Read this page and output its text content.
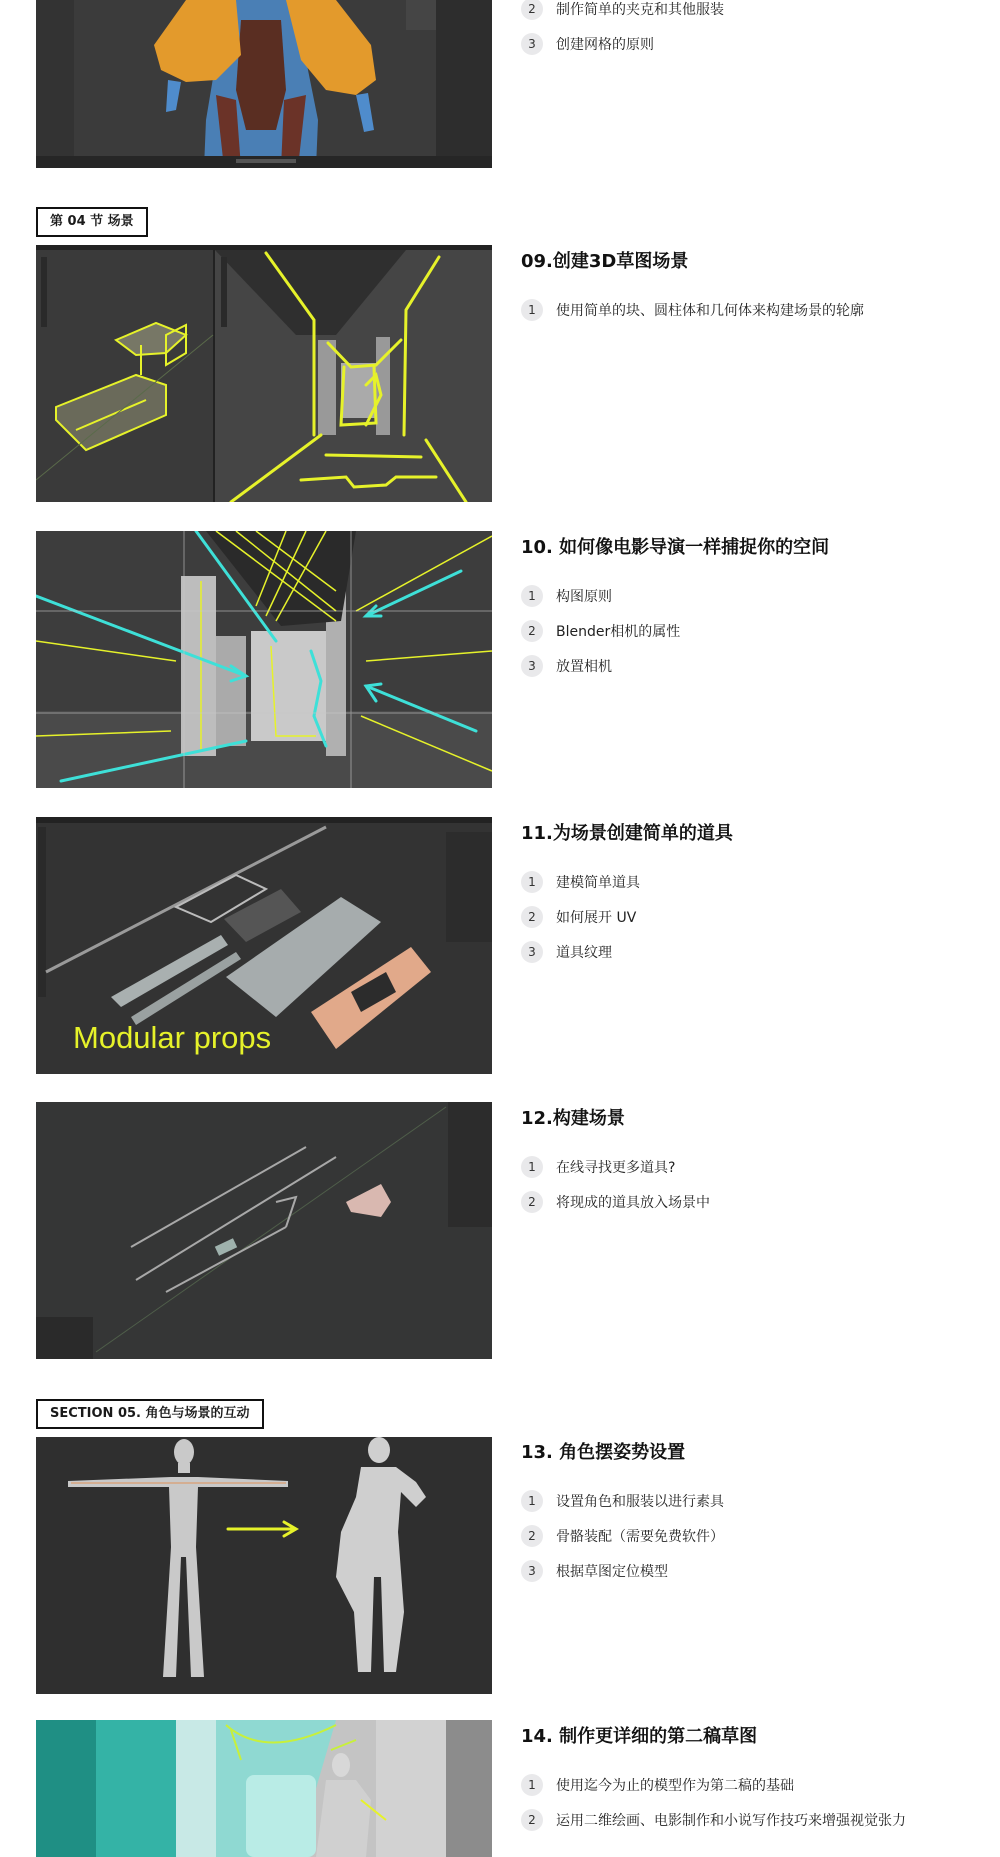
2	制作简单的夹克和其他服装
3	创建网格的原则
第 04 节 场景
09.创建3D草图场景
1	使用简单的块、圆柱体和几何体来构建场景的轮廓
10. 如何像电影导演一样捕捉你的空间
1	构图原则
2	Blender相机的属性
3	放置相机
Modular props
11.为场景创建简单的道具
1	建模简单道具
2	如何展开 UV
3	道具纹理
12.构建场景
1	在线寻找更多道具?
2	将现成的道具放入场景中
SECTION 05. 角色与场景的互动
13. 角色摆姿势设置
1	设置角色和服装以进行素具
2	骨骼装配（需要免费软件）
3	根据草图定位模型
14. 制作更详细的第二稿草图
1	使用迄今为止的模型作为第二稿的基础
2	运用二维绘画、电影制作和小说写作技巧来增强视觉张力
